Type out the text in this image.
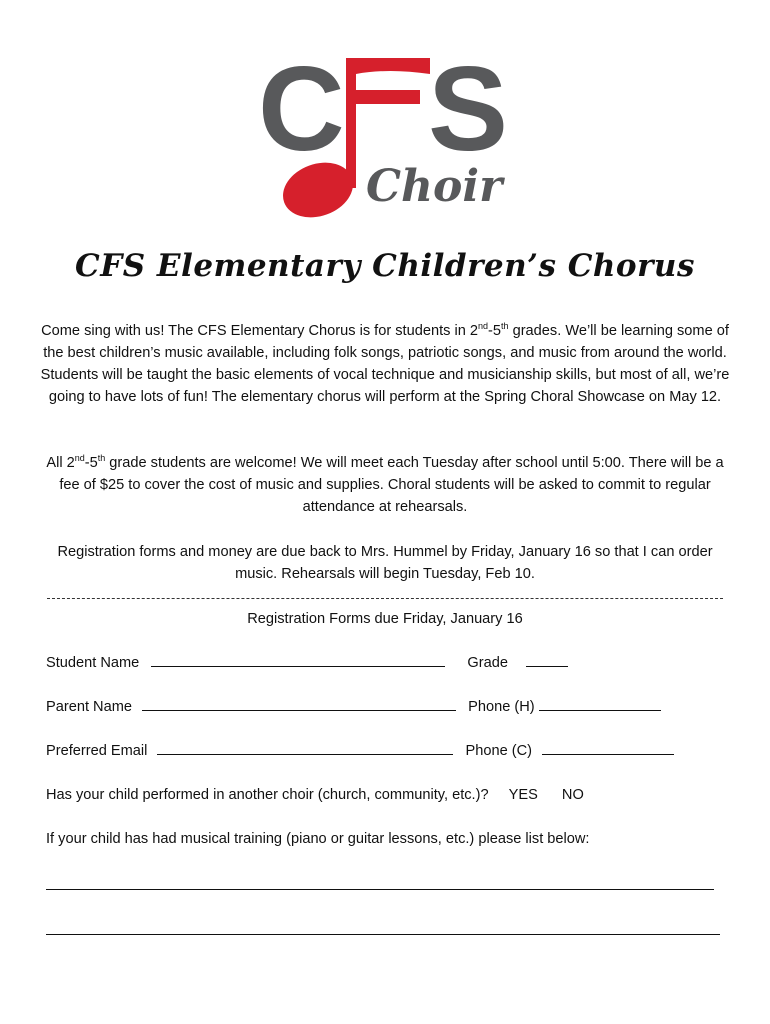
C S
Choir
CFS Elementary Children’s Chorus

Come sing with us! The CFS Elementary Chorus is for students in 2nd-5th grades. We’ll be learning some of the best children’s music available, including folk songs, patriotic songs, and music from around the world. Students will be taught the basic elements of vocal technique and musicianship skills, but most of all, we’re going to have lots of fun! The elementary chorus will perform at the Spring Choral Showcase on May 12.

All 2nd-5th grade students are welcome! We will meet each Tuesday after school until 5:00. There will be a fee of $25 to cover the cost of music and supplies. Choral students will be asked to commit to regular attendance at rehearsals.

Registration forms and money are due back to Mrs. Hummel by Friday, January 16 so that I can order music. Rehearsals will begin Tuesday, Feb 10.

Registration Forms due Friday, January 16
Student Name	Grade
Parent Name	Phone (H)
Preferred Email	Phone (C)
Has your child performed in another choir (church, community, etc.)? YES NO
If your child has had musical training (piano or guitar lessons, etc.) please list below:
